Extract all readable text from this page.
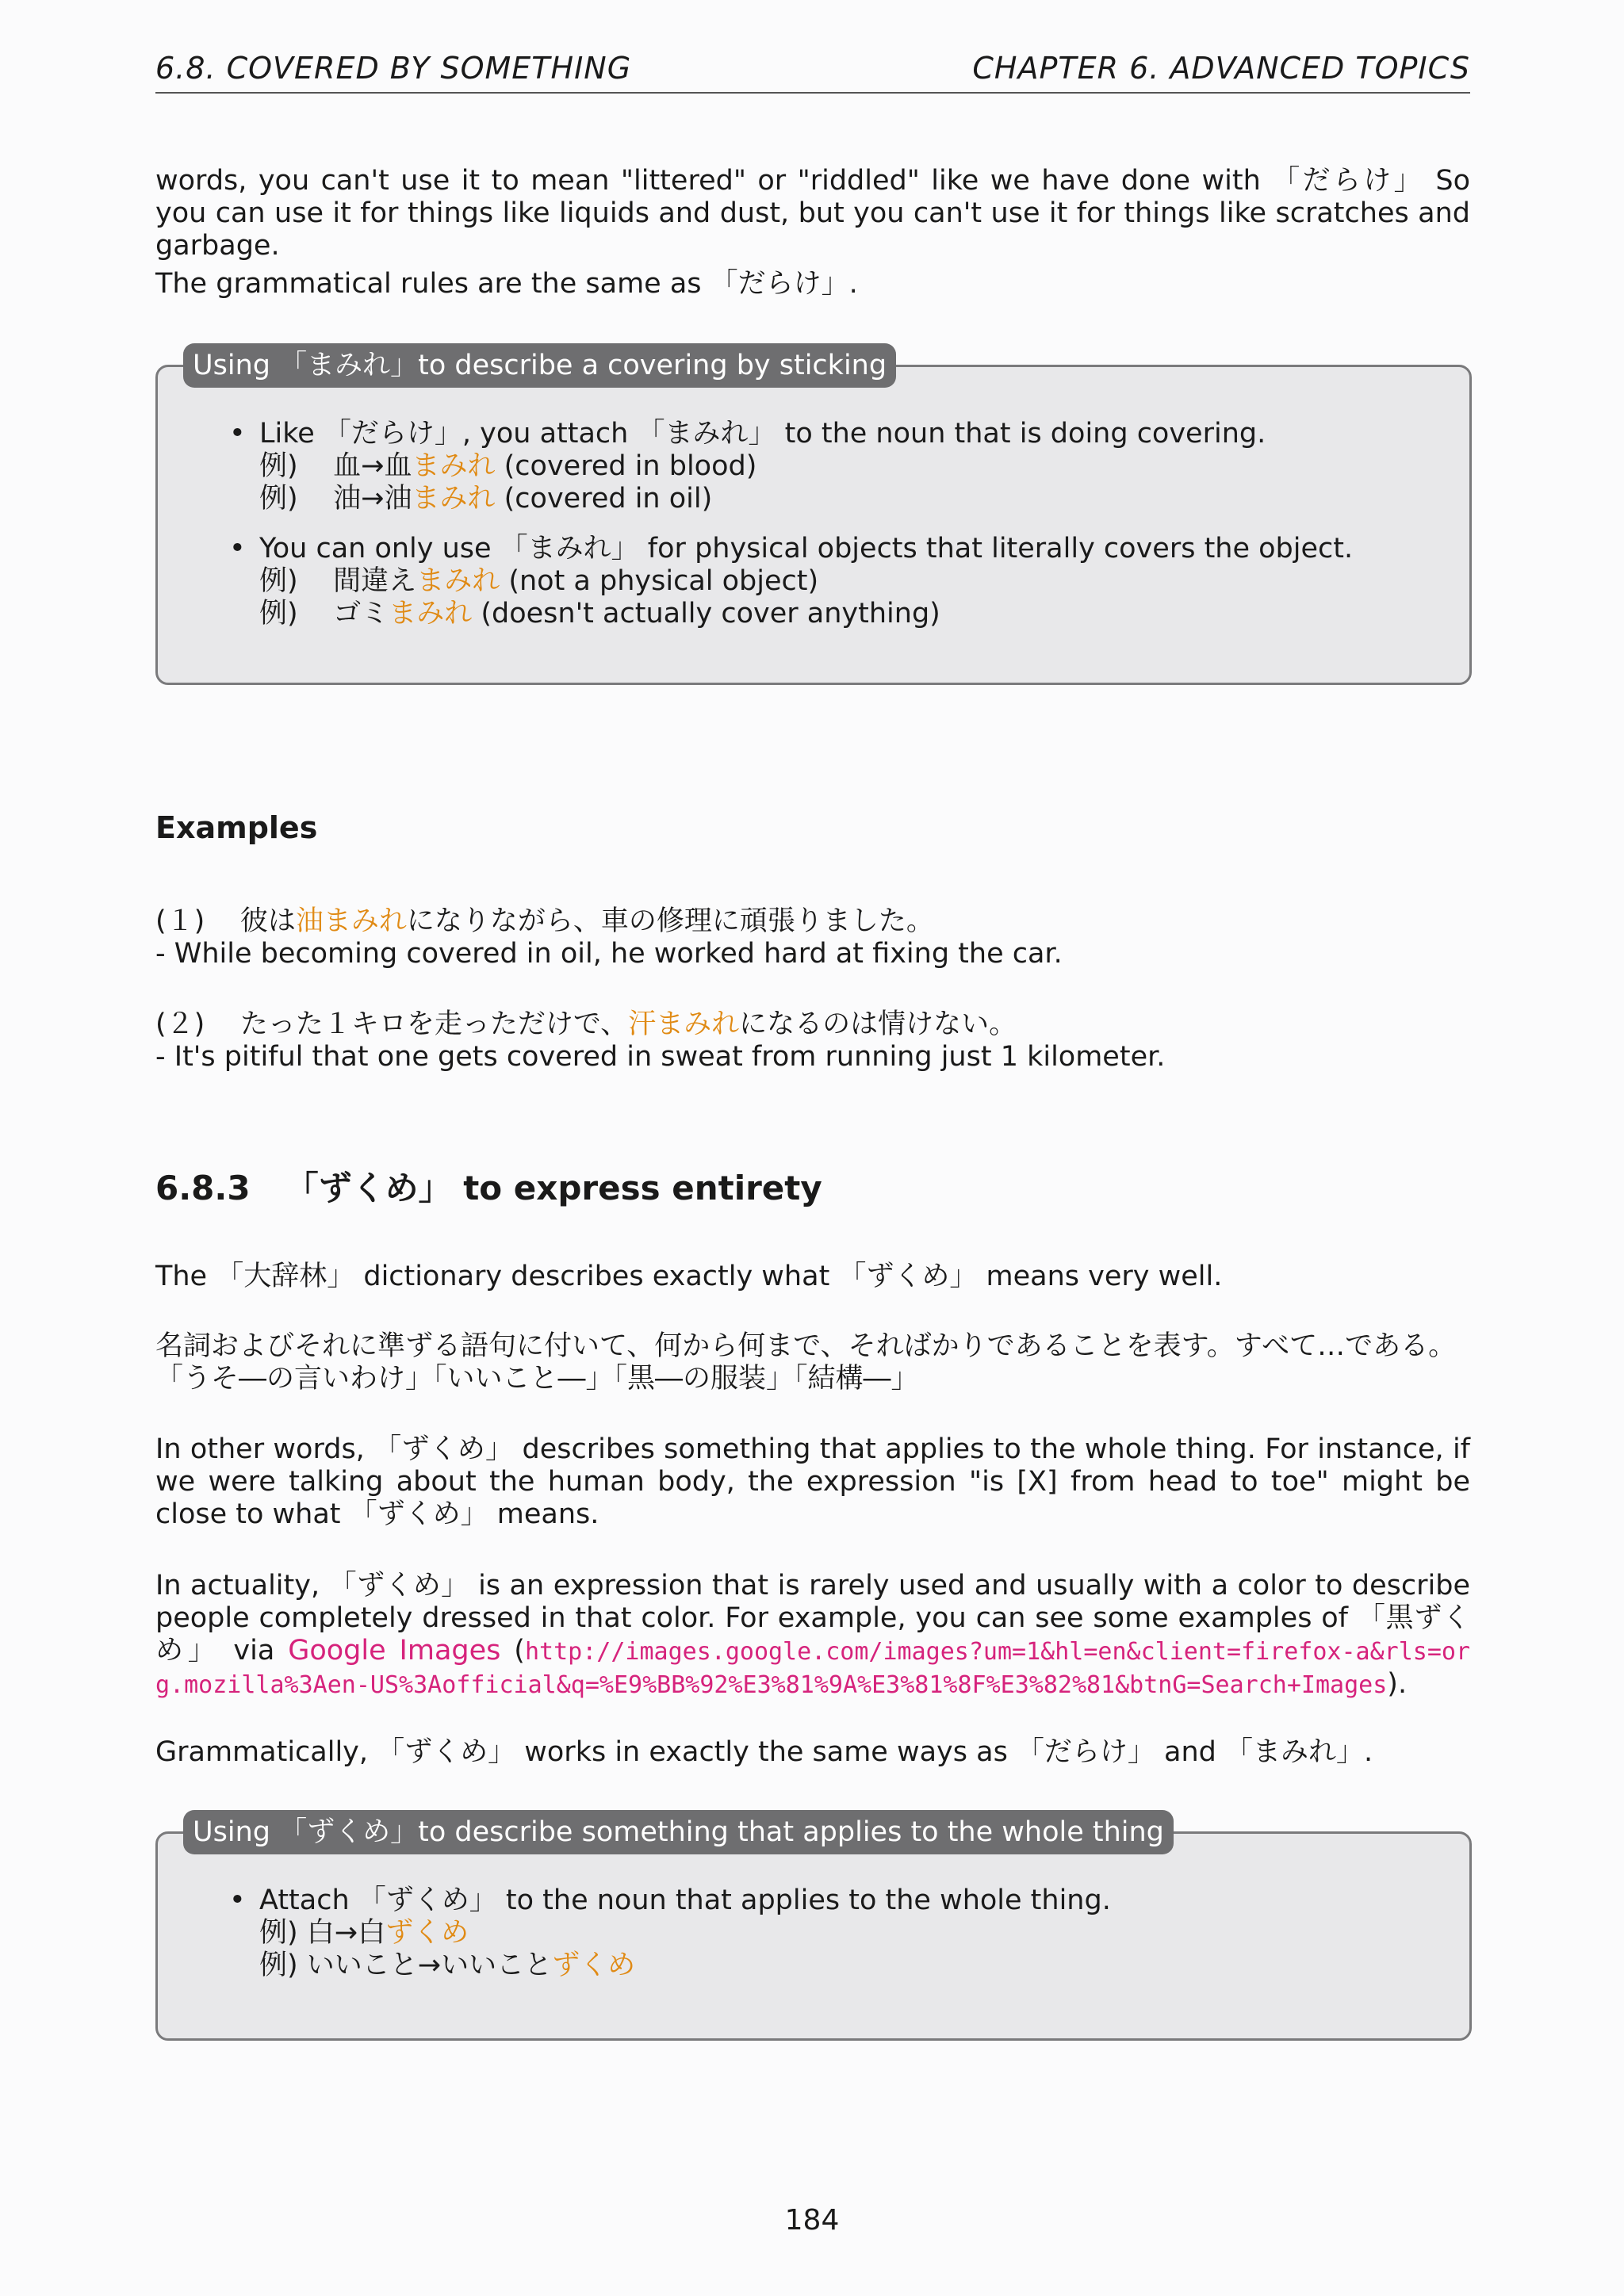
6.8. COVERED BY SOMETHING	CHAPTER 6. ADVANCED TOPICS

words, you can't use it to mean "littered" or "riddled" like we have done with 「だらけ」 So you can use it for things like liquids and dust, but you can't use it for things like scratches and garbage.

The grammatical rules are the same as 「だらけ」.

Using 「まみれ」to describe a covering by sticking
• Like 「だらけ」, you attach 「まみれ」 to the noun that is doing covering.
例) 血→血まみれ (covered in blood)
例) 油→油まみれ (covered in oil)
• You can only use 「まみれ」 for physical objects that literally covers the object.
例) 間違えまみれ (not a physical object)
例) ゴミまみれ (doesn't actually cover anything)
Examples
(１) 彼は油まみれになりながら、車の修理に頑張りました。
- While becoming covered in oil, he worked hard at fixing the car.
(２) たった１キロを走っただけで、汗まみれになるのは情けない。
- It's pitiful that one gets covered in sweat from running just 1 kilometer.
6.8.3 「ずくめ」 to express entirety

The 「大辞林」 dictionary describes exactly what 「ずくめ」 means very well.

名詞およびそれに準ずる語句に付いて、何から何まで、そればかりであることを表す。すべて…である。
「うそ―の言いわけ」「いいこと―」「黒―の服装」「結構―」

In other words, 「ずくめ」 describes something that applies to the whole thing. For instance, if we were talking about the human body, the expression "is [X] from head to toe" might be close to what 「ずくめ」 means.

In actuality, 「ずくめ」 is an expression that is rarely used and usually with a color to describe people completely dressed in that color. For example, you can see some examples of 「黒ずくめ」 via Google Images (http://images.google.com/images?um=1&hl=en&client=firefox-a&rls=org.mozilla%3Aen-US%3Aofficial&q=%E9%BB%92%E3%81%9A%E3%81%8F%E3%82%81&btnG=Search+Images).

Grammatically, 「ずくめ」 works in exactly the same ways as 「だらけ」 and 「まみれ」.

Using 「ずくめ」to describe something that applies to the whole thing
• Attach 「ずくめ」 to the noun that applies to the whole thing.
例) 白→白ずくめ
例) いいこと→いいことずくめ
184
